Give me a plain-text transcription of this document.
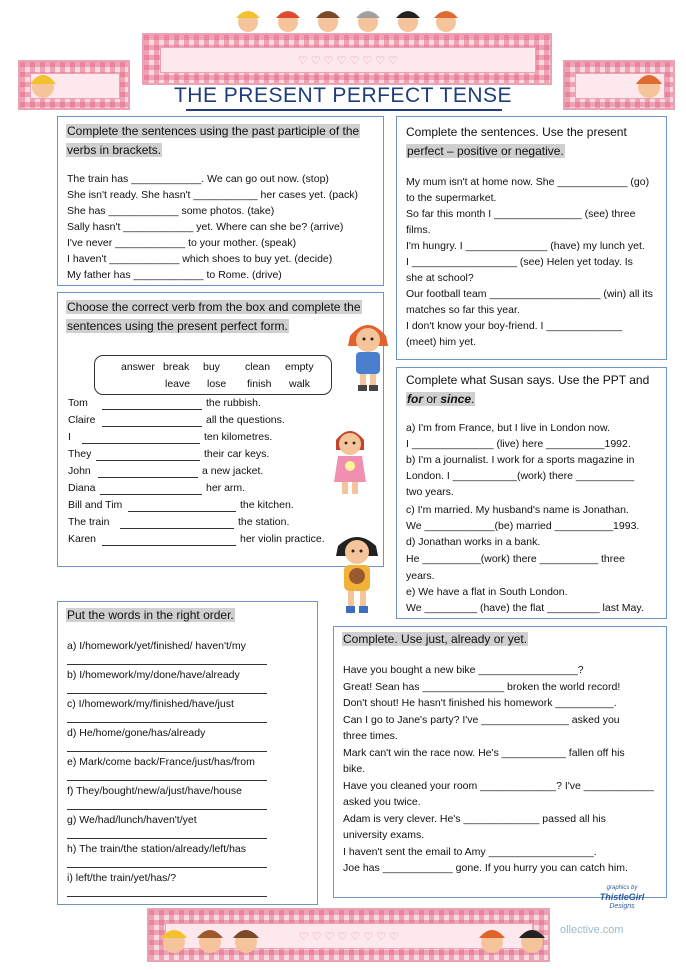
♡ ♡ ♡ ♡ ♡ ♡ ♡ ♡
THE PRESENT PERFECT TENSE
Complete the sentences using the past participle of the
verbs in brackets.
The train has ____________. We can go out now. (stop)
She isn't ready. She hasn't ___________ her cases yet. (pack)
She has ____________ some photos. (take)
Sally hasn't ____________ yet. Where can she be? (arrive)
I've never ____________ to your mother. (speak)
I haven't ____________ which shoes to buy yet. (decide)
My father has ____________ to Rome. (drive)
Complete the sentences. Use the present
perfect – positive or negative.
My mum isn't at home now. She ____________ (go)
to the supermarket.
So far this month I _______________ (see) three
films.
I'm hungry. I ______________ (have) my lunch yet.
I __________________ (see) Helen yet today. Is
she at school?
Our football team ___________________ (win) all its
matches so far this year.
I don't know your boy-friend. I _____________
(meet) him yet.
Choose the correct verb from the box and complete the
sentences using the present perfect form.
answer break buy clean empty
leave lose finish walk
Tom	the rubbish.
Claire	all the questions.
I	ten kilometres.
They	their car keys.
John	a new jacket.
Diana	her arm.
Bill and Tim	the kitchen.
The train	the station.
Karen	her violin practice.
Complete what Susan says. Use the PPT and
for or since.
a) I'm from France, but I live in London now.
I ______________ (live) here __________1992.
b) I'm a journalist. I work for a sports magazine in
London. I ___________(work) there __________
two years.
c) I'm married. My husband's name is Jonathan.
We ____________(be) married __________1993.
d) Jonathan works in a bank.
He __________(work) there __________ three
years.
e) We have a flat in South London.
We _________ (have) the flat _________ last May.
Put the words in the right order.
a) I/homework/yet/finished/ haven't/my
b) I/homework/my/done/have/already
c) I/homework/my/finished/have/just
d) He/home/gone/has/already
e) Mark/come back/France/just/has/from
f) They/bought/new/a/just/have/house
g) We/had/lunch/haven't/yet
h) The train/the station/already/left/has
i) left/the train/yet/has/?
Complete. Use just, already or yet.
Have you bought a new bike _________________?
Great! Sean has ______________ broken the world record!
Don't shout! He hasn't finished his homework __________.
Can I go to Jane's party? I've _______________ asked you
three times.
Mark can't win the race now. He's ___________ fallen off his
bike.
Have you cleaned your room _____________? I've ____________
asked you twice.
Adam is very clever. He's _____________ passed all his
university exams.
I haven't sent the email to Amy __________________.
Joe has ____________ gone. If you hurry you can catch him.
graphics by
ThistleGirl
Designs
♡ ♡ ♡ ♡ ♡ ♡ ♡ ♡
ollective.com
